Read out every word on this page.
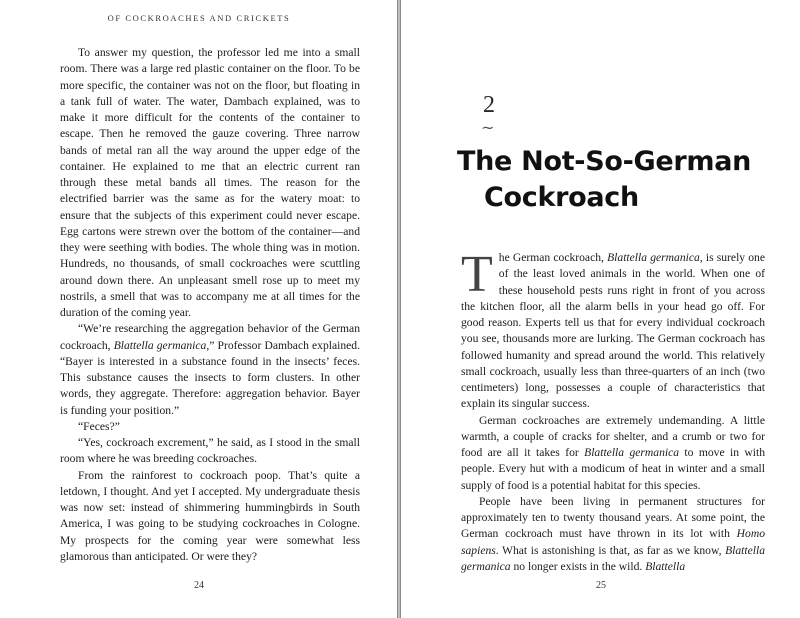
OF COCKROACHES AND CRICKETS

To answer my question, the professor led me into a small room. There was a large red plastic container on the floor. To be more specific, the container was not on the floor, but floating in a tank full of water. The water, Dambach explained, was to make it more difficult for the contents of the container to escape. Then he removed the gauze covering. Three narrow bands of metal ran all the way around the upper edge of the container. He explained to me that an electric current ran through these metal bands all times. The reason for the electrified barrier was the same as for the watery moat: to ensure that the subjects of this experiment could never escape. Egg cartons were strewn over the bottom of the container—and they were seething with bodies. The whole thing was in motion. Hundreds, no thousands, of small cockroaches were scuttling around down there. An unpleasant smell rose up to meet my nostrils, a smell that was to accompany me at all times for the duration of the coming year.

“We’re researching the aggregation behavior of the German cockroach, Blattella germanica,” Professor Dambach explained. “Bayer is interested in a substance found in the insects’ feces. This substance causes the insects to form clusters. In other words, they aggregate. Therefore: aggregation behavior. Bayer is funding your position.”

“Feces?”

“Yes, cockroach excrement,” he said, as I stood in the small room where he was breeding cockroaches.

From the rainforest to cockroach poop. That’s quite a letdown, I thought. And yet I accepted. My undergraduate thesis was now set: instead of shimmering hummingbirds in South America, I was going to be studying cockroaches in Cologne. My prospects for the coming year were somewhat less glamorous than anticipated. Or were they?

24
2
~
The Not-So-German
Cockroach

The German cockroach, Blattella germanica, is surely one of the least loved animals in the world. When one of these household pests runs right in front of you across the kitchen floor, all the alarm bells in your head go off. For good reason. Experts tell us that for every individual cockroach you see, thousands more are lurking. The German cockroach has followed humanity and spread around the world. This relatively small cockroach, usually less than three-quarters of an inch (two centimeters) long, possesses a couple of characteristics that explain its singular success.

German cockroaches are extremely undemanding. A little warmth, a couple of cracks for shelter, and a crumb or two for food are all it takes for Blattella germanica to move in with people. Every hut with a modicum of heat in winter and a small supply of food is a potential habitat for this species.

People have been living in permanent structures for approximately ten to twenty thousand years. At some point, the German cockroach must have thrown in its lot with Homo sapiens. What is astonishing is that, as far as we know, Blattella germanica no longer exists in the wild. Blattella

25
